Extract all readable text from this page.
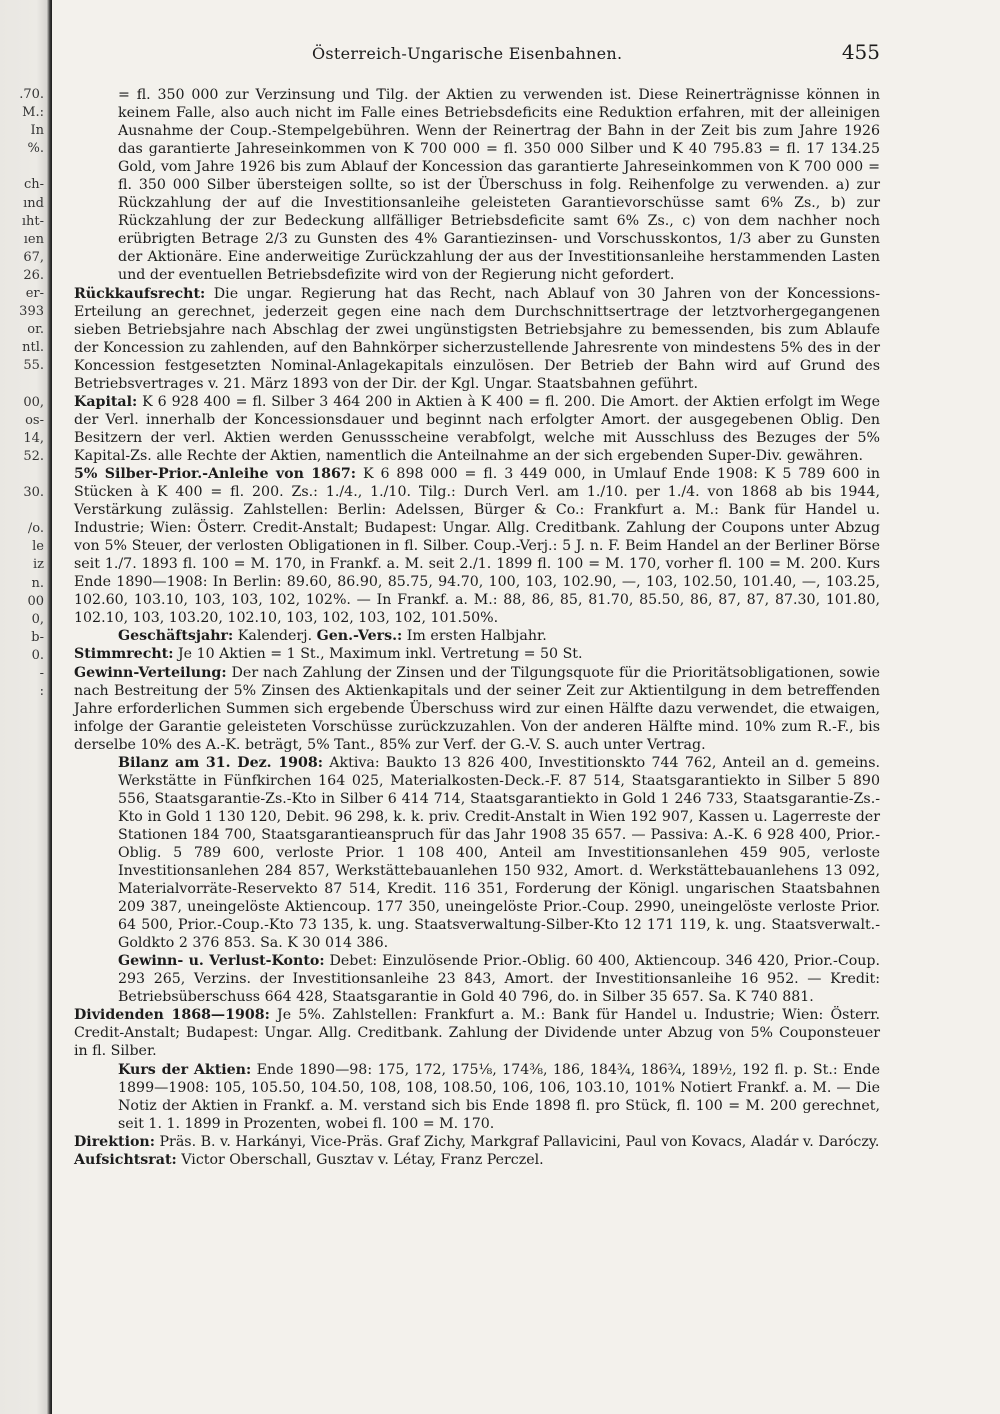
.70.
M.:
In
%.

ch-
ınd
ıht-
ıen
67,
26.
er-
393
or.
ntl.
55.

00,
os-
14,
52.

30.

/o.
le
iz
n.
00
0,
b-
0.
-
:
Österreich-Ungarische Eisenbahnen.	455

= fl. 350 000 zur Verzinsung und Tilg. der Aktien zu verwenden ist. Diese Reinerträgnisse können in keinem Falle, also auch nicht im Falle eines Betriebsdeficits eine Reduktion erfahren, mit der alleinigen Ausnahme der Coup.-Stempelgebühren. Wenn der Reinertrag der Bahn in der Zeit bis zum Jahre 1926 das garantierte Jahreseinkommen von K 700 000 = fl. 350 000 Silber und K 40 795.83 = fl. 17 134.25 Gold, vom Jahre 1926 bis zum Ablauf der Koncession das garantierte Jahreseinkommen von K 700 000 = fl. 350 000 Silber übersteigen sollte, so ist der Überschuss in folg. Reihenfolge zu verwenden. a) zur Rückzahlung der auf die Investitionsanleihe geleisteten Garantievorschüsse samt 6% Zs., b) zur Rückzahlung der zur Bedeckung allfälliger Betriebsdeficite samt 6% Zs., c) von dem nachher noch erübrigten Betrage 2/3 zu Gunsten des 4% Garantiezinsen- und Vorschusskontos, 1/3 aber zu Gunsten der Aktionäre. Eine anderweitige Zurückzahlung der aus der Investitionsanleihe herstammenden Lasten und der eventuellen Betriebsdefizite wird von der Regierung nicht gefordert.

Rückkaufsrecht: Die ungar. Regierung hat das Recht, nach Ablauf von 30 Jahren von der Koncessions-Erteilung an gerechnet, jederzeit gegen eine nach dem Durchschnittsertrage der letztvorhergegangenen sieben Betriebsjahre nach Abschlag der zwei ungünstigsten Betriebsjahre zu bemessenden, bis zum Ablaufe der Koncession zu zahlenden, auf den Bahnkörper sicherzustellende Jahresrente von mindestens 5% des in der Koncession festgesetzten Nominal-Anlagekapitals einzulösen. Der Betrieb der Bahn wird auf Grund des Betriebsvertrages v. 21. März 1893 von der Dir. der Kgl. Ungar. Staatsbahnen geführt.

Kapital: K 6 928 400 = fl. Silber 3 464 200 in Aktien à K 400 = fl. 200. Die Amort. der Aktien erfolgt im Wege der Verl. innerhalb der Koncessionsdauer und beginnt nach erfolgter Amort. der ausgegebenen Oblig. Den Besitzern der verl. Aktien werden Genussscheine verabfolgt, welche mit Ausschluss des Bezuges der 5% Kapital-Zs. alle Rechte der Aktien, namentlich die Anteilnahme an der sich ergebenden Super-Div. gewähren.

5% Silber-Prior.-Anleihe von 1867: K 6 898 000 = fl. 3 449 000, in Umlauf Ende 1908: K 5 789 600 in Stücken à K 400 = fl. 200. Zs.: 1./4., 1./10. Tilg.: Durch Verl. am 1./10. per 1./4. von 1868 ab bis 1944, Verstärkung zulässig. Zahlstellen: Berlin: Adelssen, Bürger & Co.: Frankfurt a. M.: Bank für Handel u. Industrie; Wien: Österr. Credit-Anstalt; Budapest: Ungar. Allg. Creditbank. Zahlung der Coupons unter Abzug von 5% Steuer, der verlosten Obligationen in fl. Silber. Coup.-Verj.: 5 J. n. F. Beim Handel an der Berliner Börse seit 1./7. 1893 fl. 100 = M. 170, in Frankf. a. M. seit 2./1. 1899 fl. 100 = M. 170, vorher fl. 100 = M. 200. Kurs Ende 1890—1908: In Berlin: 89.60, 86.90, 85.75, 94.70, 100, 103, 102.90, —, 103, 102.50, 101.40, —, 103.25, 102.60, 103.10, 103, 103, 102, 102%. — In Frankf. a. M.: 88, 86, 85, 81.70, 85.50, 86, 87, 87, 87.30, 101.80, 102.10, 103, 103.20, 102.10, 103, 102, 103, 102, 101.50%.

Geschäftsjahr: Kalenderj. Gen.-Vers.: Im ersten Halbjahr.

Stimmrecht: Je 10 Aktien = 1 St., Maximum inkl. Vertretung = 50 St.

Gewinn-Verteilung: Der nach Zahlung der Zinsen und der Tilgungsquote für die Prioritätsobligationen, sowie nach Bestreitung der 5% Zinsen des Aktienkapitals und der seiner Zeit zur Aktientilgung in dem betreffenden Jahre erforderlichen Summen sich ergebende Überschuss wird zur einen Hälfte dazu verwendet, die etwaigen, infolge der Garantie geleisteten Vorschüsse zurückzuzahlen. Von der anderen Hälfte mind. 10% zum R.-F., bis derselbe 10% des A.-K. beträgt, 5% Tant., 85% zur Verf. der G.-V. S. auch unter Vertrag.

Bilanz am 31. Dez. 1908: Aktiva: Baukto 13 826 400, Investitionskto 744 762, Anteil an d. gemeins. Werkstätte in Fünfkirchen 164 025, Materialkosten-Deck.-F. 87 514, Staatsgarantiekto in Silber 5 890 556, Staatsgarantie-Zs.-Kto in Silber 6 414 714, Staatsgarantiekto in Gold 1 246 733, Staatsgarantie-Zs.-Kto in Gold 1 130 120, Debit. 96 298, k. k. priv. Credit-Anstalt in Wien 192 907, Kassen u. Lagerreste der Stationen 184 700, Staatsgarantieanspruch für das Jahr 1908 35 657. — Passiva: A.-K. 6 928 400, Prior.-Oblig. 5 789 600, verloste Prior. 1 108 400, Anteil am Investitionsanlehen 459 905, verloste Investitionsanlehen 284 857, Werkstättebauanlehen 150 932, Amort. d. Werkstättebauanlehens 13 092, Materialvorräte-Reservekto 87 514, Kredit. 116 351, Forderung der Königl. ungarischen Staatsbahnen 209 387, uneingelöste Aktiencoup. 177 350, uneingelöste Prior.-Coup. 2990, uneingelöste verloste Prior. 64 500, Prior.-Coup.-Kto 73 135, k. ung. Staatsverwaltung-Silber-Kto 12 171 119, k. ung. Staatsverwalt.-Goldkto 2 376 853. Sa. K 30 014 386.

Gewinn- u. Verlust-Konto: Debet: Einzulösende Prior.-Oblig. 60 400, Aktiencoup. 346 420, Prior.-Coup. 293 265, Verzins. der Investitionsanleihe 23 843, Amort. der Investitionsanleihe 16 952. — Kredit: Betriebsüberschuss 664 428, Staatsgarantie in Gold 40 796, do. in Silber 35 657. Sa. K 740 881.

Dividenden 1868—1908: Je 5%. Zahlstellen: Frankfurt a. M.: Bank für Handel u. Industrie; Wien: Österr. Credit-Anstalt; Budapest: Ungar. Allg. Creditbank. Zahlung der Dividende unter Abzug von 5% Couponsteuer in fl. Silber.

Kurs der Aktien: Ende 1890—98: 175, 172, 175⅛, 174⅜, 186, 184¾, 186¾, 189½, 192 fl. p. St.: Ende 1899—1908: 105, 105.50, 104.50, 108, 108, 108.50, 106, 106, 103.10, 101% Notiert Frankf. a. M. — Die Notiz der Aktien in Frankf. a. M. verstand sich bis Ende 1898 fl. pro Stück, fl. 100 = M. 200 gerechnet, seit 1. 1. 1899 in Prozenten, wobei fl. 100 = M. 170.

Direktion: Präs. B. v. Harkányi, Vice-Präs. Graf Zichy, Markgraf Pallavicini, Paul von Kovacs, Aladár v. Daróczy.

Aufsichtsrat: Victor Oberschall, Gusztav v. Létay, Franz Perczel.
